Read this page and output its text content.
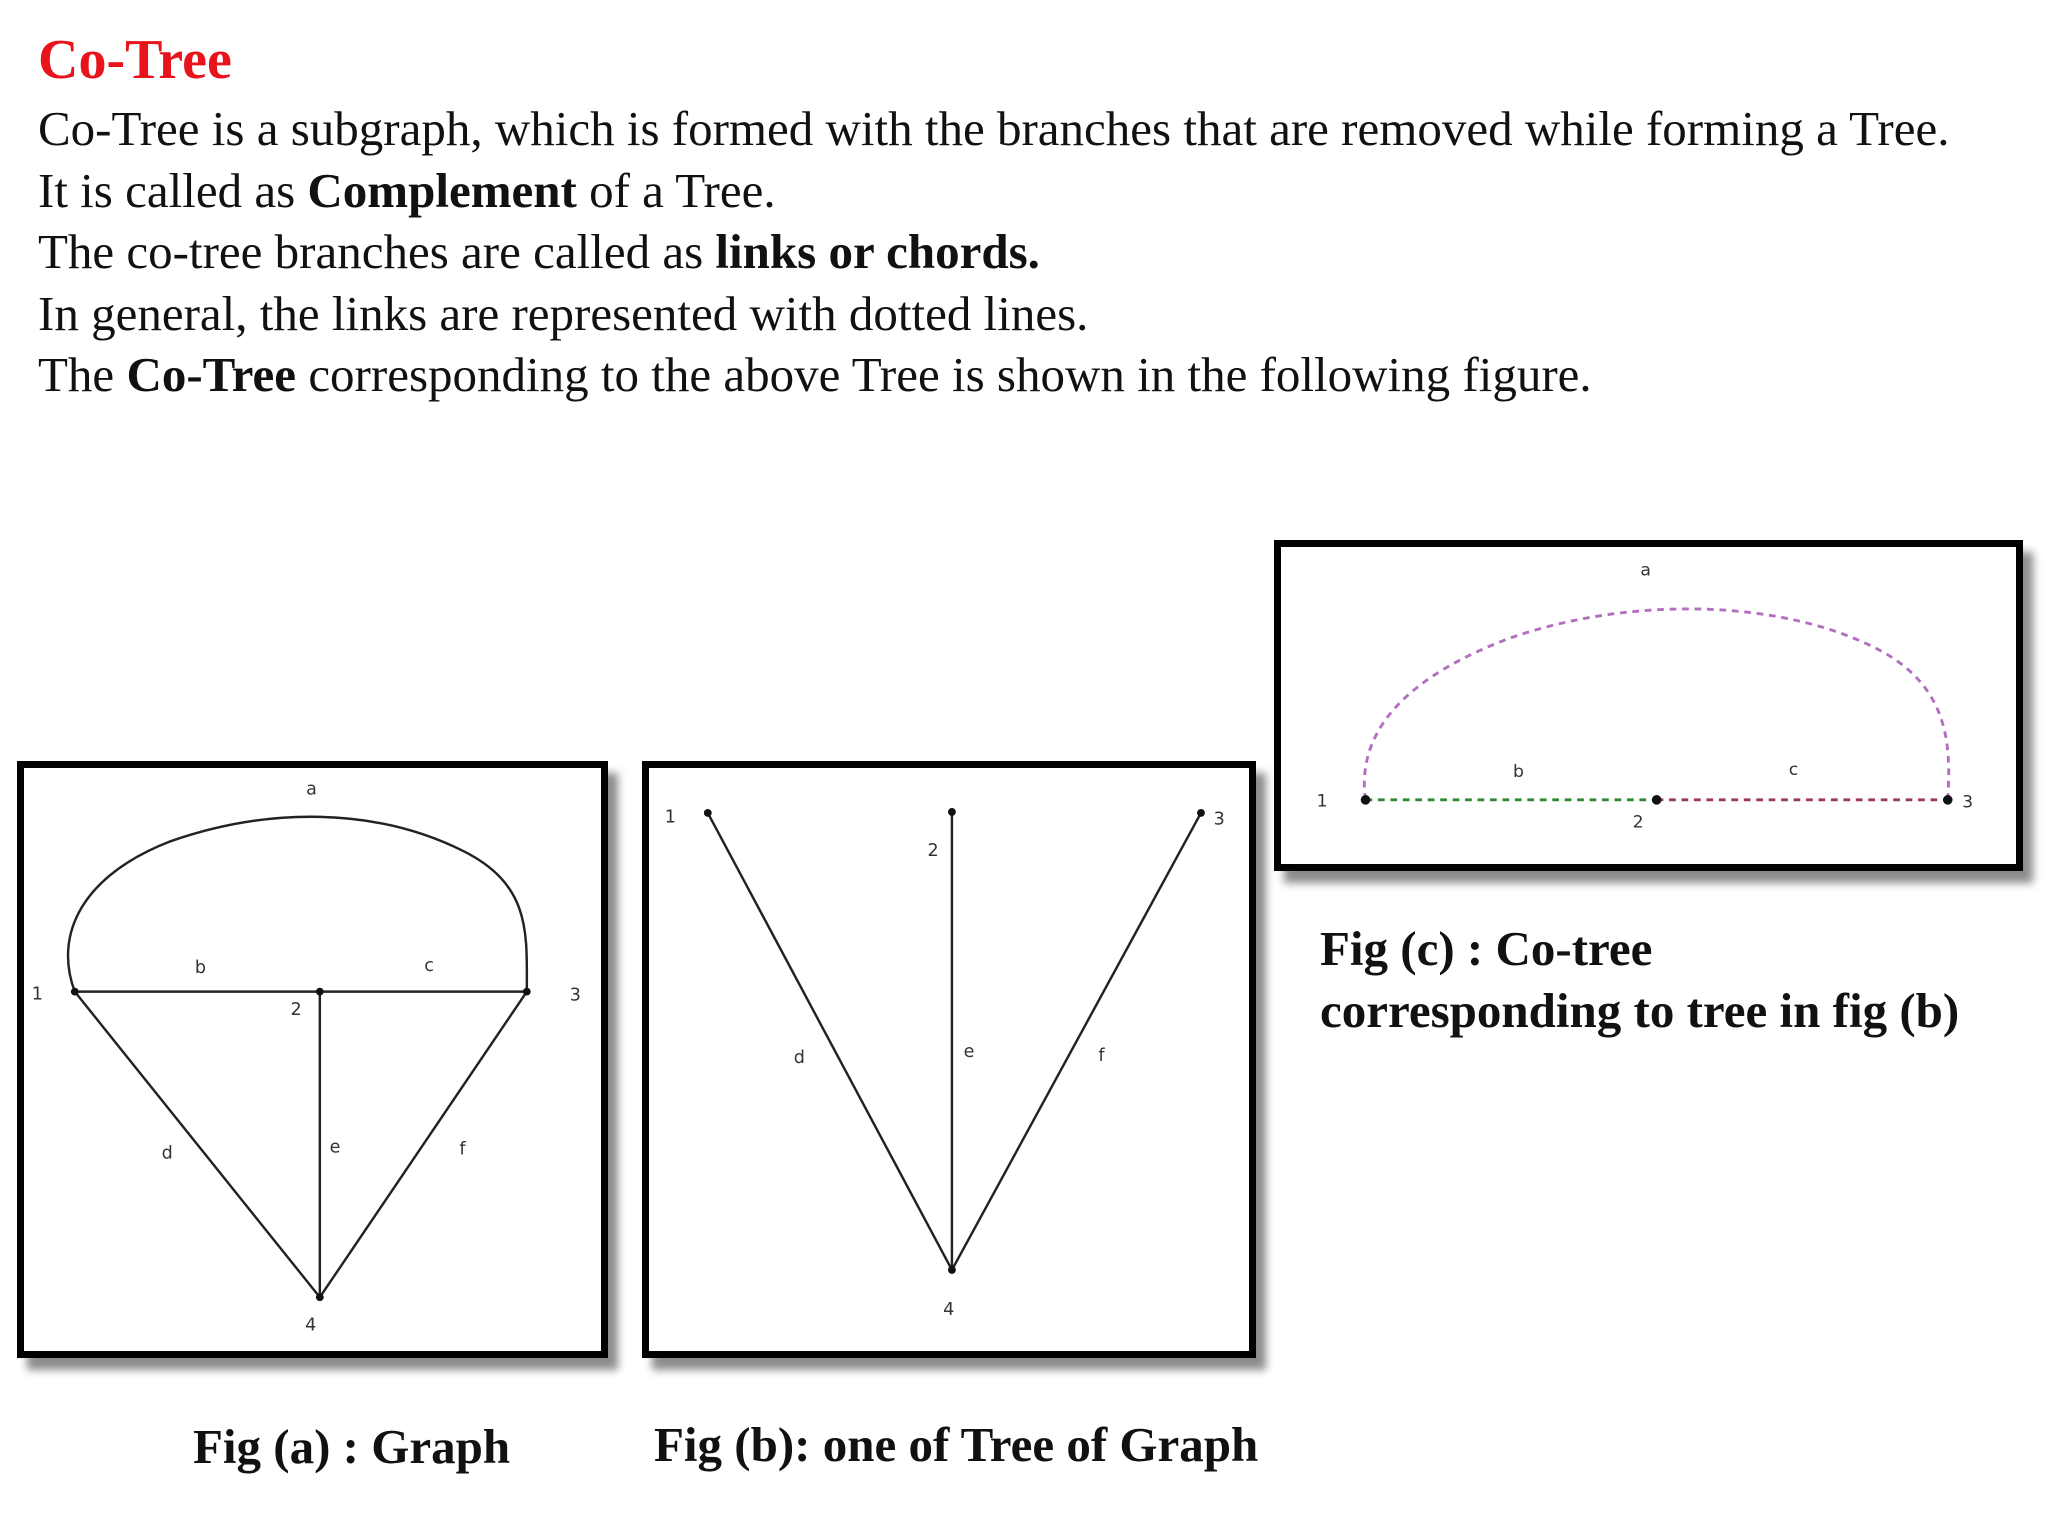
Co-Tree

Co-Tree is a subgraph, which is formed with the branches that are removed while forming a Tree.

It is called as Complement of a Tree.

The co-tree branches are called as links or chords.

In general, the links are represented with dotted lines.

The Co-Tree corresponding to the above Tree is shown in the following figure.

a
b	c
d	e	f
1
2
3
4
d	e	f
1
2
3
4
a
b	c
1
2
3
Fig (a) : Graph	Fig (b): one of Tree of Graph
Fig (c) : Co-tree
corresponding to tree in fig (b)
